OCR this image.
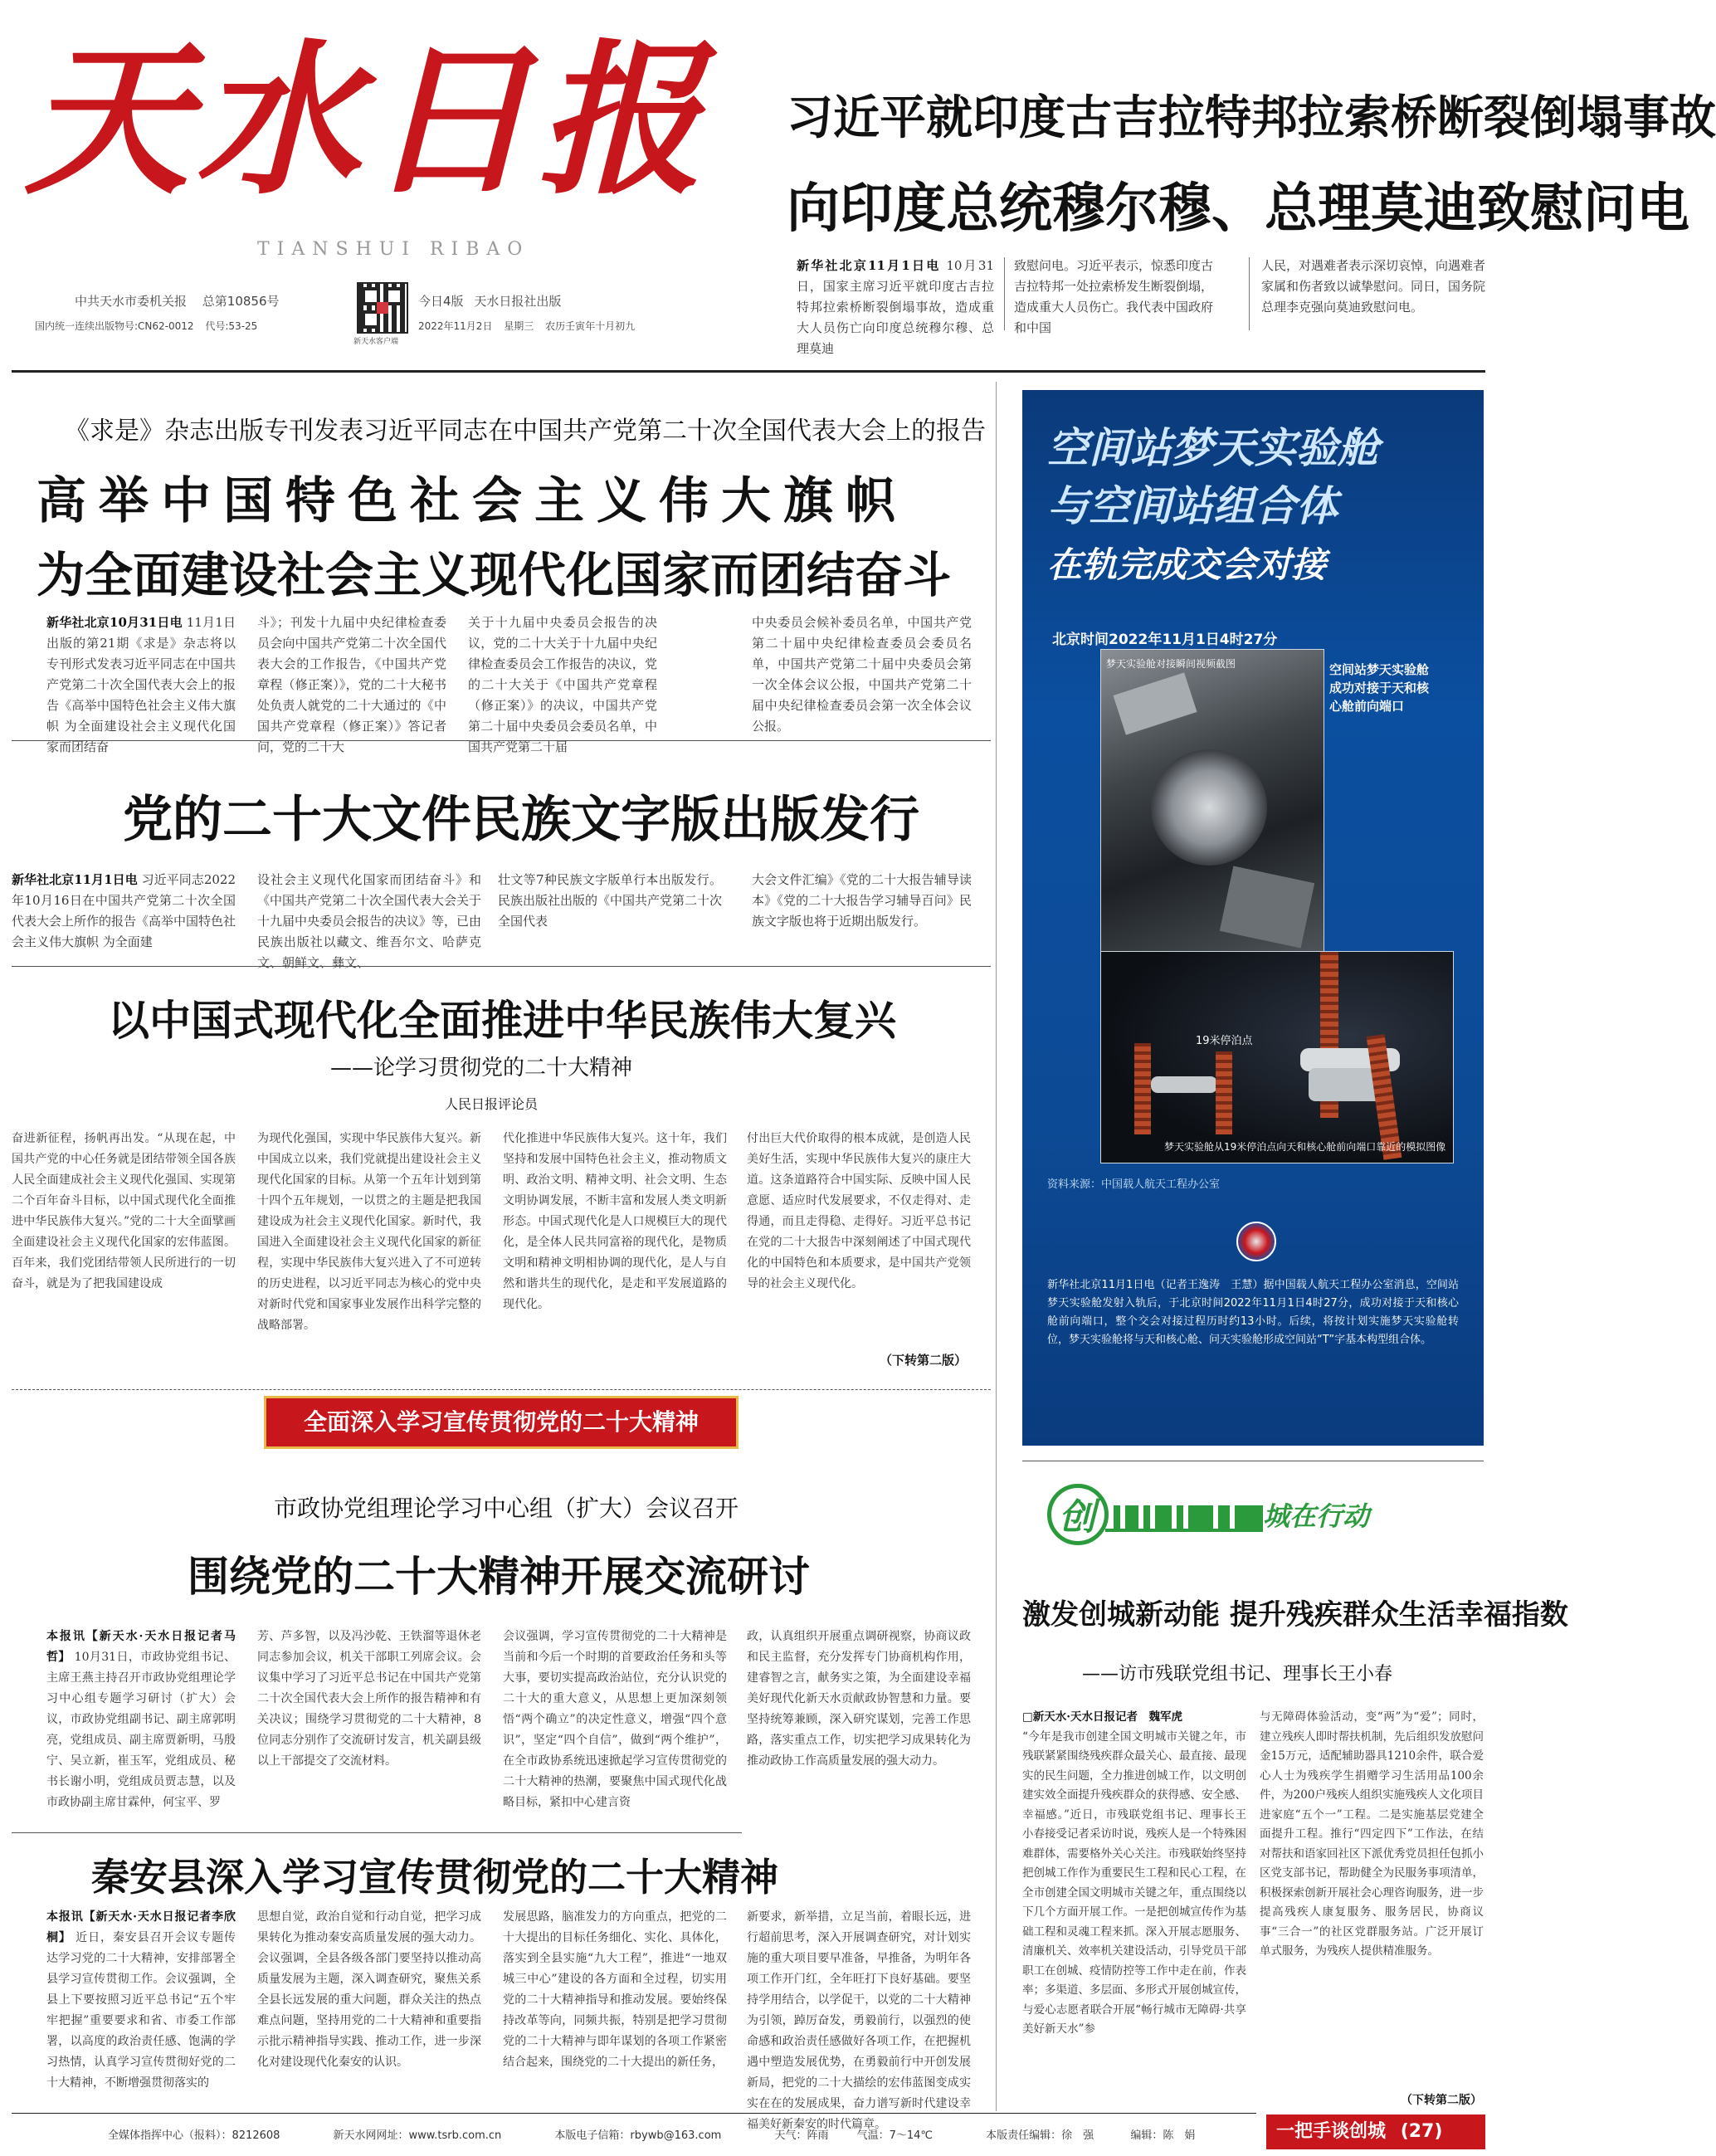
天水日报
TIANSHUI RIBAO
中共天水市委机关报 总第10856号
新天水客户端
今日4版 天水日报社出版
国内统一连续出版物号:CN62-0012 代号:53-25	2022年11月2日 星期三 农历壬寅年十月初九
习近平就印度古吉拉特邦拉索桥断裂倒塌事故
向印度总统穆尔穆、总理莫迪致慰问电
新华社北京11月1日电 10月31日，国家主席习近平就印度古吉拉特邦拉索桥断裂倒塌事故，造成重大人员伤亡向印度总统穆尔穆、总理莫迪
致慰问电。习近平表示，惊悉印度古吉拉特邦一处拉索桥发生断裂倒塌，造成重大人员伤亡。我代表中国政府和中国
人民，对遇难者表示深切哀悼，向遇难者家属和伤者致以诚挚慰问。同日，国务院总理李克强向莫迪致慰问电。
《求是》杂志出版专刊发表习近平同志在中国共产党第二十次全国代表大会上的报告
高举中国特色社会主义伟大旗帜
为全面建设社会主义现代化国家而团结奋斗
新华社北京10月31日电 11月1日出版的第21期《求是》杂志将以专刊形式发表习近平同志在中国共产党第二十次全国代表大会上的报告《高举中国特色社会主义伟大旗帜 为全面建设社会主义现代化国家而团结奋
斗》；刊发十九届中央纪律检查委员会向中国共产党第二十次全国代表大会的工作报告，《中国共产党章程（修正案）》，党的二十大秘书处负责人就党的二十大通过的《中国共产党章程（修正案）》答记者问，党的二十大
关于十九届中央委员会报告的决议，党的二十大关于十九届中央纪律检查委员会工作报告的决议，党的二十大关于《中国共产党章程（修正案）》的决议，中国共产党第二十届中央委员会委员名单，中国共产党第二十届
中央委员会候补委员名单，中国共产党第二十届中央纪律检查委员会委员名单，中国共产党第二十届中央委员会第一次全体会议公报，中国共产党第二十届中央纪律检查委员会第一次全体会议公报。
党的二十大文件民族文字版出版发行
新华社北京11月1日电 习近平同志2022年10月16日在中国共产党第二十次全国代表大会上所作的报告《高举中国特色社会主义伟大旗帜 为全面建
设社会主义现代化国家而团结奋斗》和《中国共产党第二十次全国代表大会关于十九届中央委员会报告的决议》等，已由民族出版社以藏文、维吾尔文、哈萨克文、朝鲜文、彝文、
壮文等7种民族文字版单行本出版发行。民族出版社出版的《中国共产党第二十次全国代表
大会文件汇编》《党的二十大报告辅导读本》《党的二十大报告学习辅导百问》民族文字版也将于近期出版发行。
以中国式现代化全面推进中华民族伟大复兴
——论学习贯彻党的二十大精神
人民日报评论员
奋进新征程，扬帆再出发。“从现在起，中国共产党的中心任务就是团结带领全国各族人民全面建成社会主义现代化强国、实现第二个百年奋斗目标，以中国式现代化全面推进中华民族伟大复兴。”党的二十大全面擘画全面建设社会主义现代化国家的宏伟蓝图。百年来，我们党团结带领人民所进行的一切奋斗，就是为了把我国建设成
为现代化强国，实现中华民族伟大复兴。新中国成立以来，我们党就提出建设社会主义现代化国家的目标。从第一个五年计划到第十四个五年规划，一以贯之的主题是把我国建设成为社会主义现代化国家。新时代，我国进入全面建设社会主义现代化国家的新征程，实现中华民族伟大复兴进入了不可逆转的历史进程，以习近平同志为核心的党中央对新时代党和国家事业发展作出科学完整的战略部署。
代化推进中华民族伟大复兴。这十年，我们坚持和发展中国特色社会主义，推动物质文明、政治文明、精神文明、社会文明、生态文明协调发展，不断丰富和发展人类文明新形态。中国式现代化是人口规模巨大的现代化，是全体人民共同富裕的现代化，是物质文明和精神文明相协调的现代化，是人与自然和谐共生的现代化，是走和平发展道路的现代化。
付出巨大代价取得的根本成就，是创造人民美好生活，实现中华民族伟大复兴的康庄大道。这条道路符合中国实际、反映中国人民意愿、适应时代发展要求，不仅走得对、走得通，而且走得稳、走得好。习近平总书记在党的二十大报告中深刻阐述了中国式现代化的中国特色和本质要求，是中国共产党领导的社会主义现代化。
（下转第二版）
全面深入学习宣传贯彻党的二十大精神
市政协党组理论学习中心组（扩大）会议召开
围绕党的二十大精神开展交流研讨
本报讯【新天水·天水日报记者马哲】 10月31日，市政协党组书记、主席王燕主持召开市政协党组理论学习中心组专题学习研讨（扩大）会议，市政协党组副书记、副主席郭明亮，党组成员、副主席贾新明，马殷宁、吴立新，崔玉军，党组成员、秘书长谢小明，党组成员贾志慧，以及市政协副主席甘霖仲，何宝平、罗
芳、芦多智，以及冯沙乾、王铁溜等退休老同志参加会议，机关干部职工列席会议。会议集中学习了习近平总书记在中国共产党第二十次全国代表大会上所作的报告精神和有关决议；围绕学习贯彻党的二十大精神，8位同志分别作了交流研讨发言，机关副县级以上干部提交了交流材料。
会议强调，学习宣传贯彻党的二十大精神是当前和今后一个时期的首要政治任务和头等大事，要切实提高政治站位，充分认识党的二十大的重大意义，从思想上更加深刻领悟“两个确立”的决定性意义，增强“四个意识”，坚定“四个自信”，做到“两个维护”，在全市政协系统迅速掀起学习宣传贯彻党的二十大精神的热潮，要聚焦中国式现代化战略目标，紧扣中心建言资
政，认真组织开展重点调研视察，协商议政和民主监督，充分发挥专门协商机构作用，建睿智之言，献务实之策，为全面建设幸福美好现代化新天水贡献政协智慧和力量。要坚持统筹兼顾，深入研究谋划，完善工作思路，落实重点工作，切实把学习成果转化为推动政协工作高质量发展的强大动力。
秦安县深入学习宣传贯彻党的二十大精神
本报讯【新天水·天水日报记者李欣桐】 近日，秦安县召开会议专题传达学习党的二十大精神，安排部署全县学习宣传贯彻工作。会议强调，全县上下要按照习近平总书记“五个牢牢把握”重要要求和省、市委工作部署，以高度的政治责任感、饱满的学习热情，认真学习宣传贯彻好党的二十大精神，不断增强贯彻落实的
思想自觉，政治自觉和行动自觉，把学习成果转化为推动秦安高质量发展的强大动力。会议强调，全县各级各部门要坚持以推动高质量发展为主题，深入调查研究，聚焦关系全县长远发展的重大问题，群众关注的热点难点问题，坚持用党的二十大精神和重要指示批示精神指导实践、推动工作，进一步深化对建设现代化秦安的认识。
发展思路，脑准发力的方向重点，把党的二十大提出的目标任务细化、实化、具体化，落实到全县实施“九大工程”，推进“一地双城三中心”建设的各方面和全过程，切实用党的二十大精神指导和推动发展。要始终保持改革等向，同频共振，特别是把学习贯彻党的二十大精神与即年谋划的各项工作紧密结合起来，围绕党的二十大提出的新任务，
新要求，新举措，立足当前，着眼长远，进行超前思考，深入开展调查研究，对计划实施的重大项目要早准备，早推备，为明年各项工作开门红，全年旺打下良好基础。要坚持学用结合，以学促干，以党的二十大精神为引领，踔厉奋发，勇毅前行，以强烈的使命感和政治责任感做好各项工作，在把握机遇中塑造发展优势，在勇毅前行中开创发展新局，把党的二十大描绘的宏伟蓝图变成实实在在的发展成果，奋力谱写新时代建设幸福美好新秦安的时代篇章。
空间站梦天实验舱
与空间站组合体
在轨完成交会对接
北京时间2022年11月1日4时27分
梦天实验舱对接瞬间视频截图	空间站梦天实验舱成功对接于天和核心舱前向端口
19米停泊点
梦天实验舱从19米停泊点向天和核心舱前向端口靠近的模拟图像
资料来源：中国载人航天工程办公室
新华社北京11月1日电（记者王逸涛　王慧）据中国载人航天工程办公室消息，空间站梦天实验舱发射入轨后，于北京时间2022年11月1日4时27分，成功对接于天和核心舱前向端口，整个交会对接过程历时约13小时。后续，将按计划实施梦天实验舱转位，梦天实验舱将与天和核心舱、问天实验舱形成空间站“T”字基本构型组合体。
创	城在行动
激发创城新动能 提升残疾群众生活幸福指数
——访市残联党组书记、理事长王小春
□新天水·天水日报记者　魏军虎
“今年是我市创建全国文明城市关键之年，市残联紧紧围绕残疾群众最关心、最直接、最现实的民生问题，全力推进创城工作，以文明创建实效全面提升残疾群众的获得感、安全感、幸福感。”近日，市残联党组书记、理事长王小春接受记者采访时说，残疾人是一个特殊困难群体，需要格外关心关注。市残联始终坚持把创城工作作为重要民生工程和民心工程，在全市创建全国文明城市关键之年，重点围绕以下几个方面开展工作。一是把创城宣传作为基础工程和灵魂工程来抓。深入开展志愿服务、清廉机关、效率机关建设活动，引导党员干部职工在创城、疫情防控等工作中走在前，作表率；多渠道、多层面、多形式开展创城宣传，与爱心志愿者联合开展“畅行城市无障碍·共享美好新天水”参
与无障碍体验活动，变“两”为“爱”；同时，建立残疾人即时帮扶机制，先后组织发放慰问金15万元，适配辅助器具1210余件，联合爱心人士为残疾学生捐赠学习生活用品100余件，为200户残疾人组织实施残疾人文化项目进家庭“五个一”工程。二是实施基层党建全面提升工程。推行“四定四下”工作法，在结对帮扶和语家回社区下派优秀党员担任包抓小区党支部书记，帮助健全为民服务事项清单，积极探索创新开展社会心理咨询服务，进一步提高残疾人康复服务、服务居民，协商议事“三合一”的社区党群服务站。广泛开展订单式服务，为残疾人提供精准服务。
（下转第二版）
一把手谈创城 (27)
全媒体指挥中心（报料）：8212608	新天水网网址：www.tsrb.com.cn	本版电子信箱：rbywb@163.com	天气：阵雨	气温：7～14℃	本版责任编辑：徐　强	编辑：陈　娟
